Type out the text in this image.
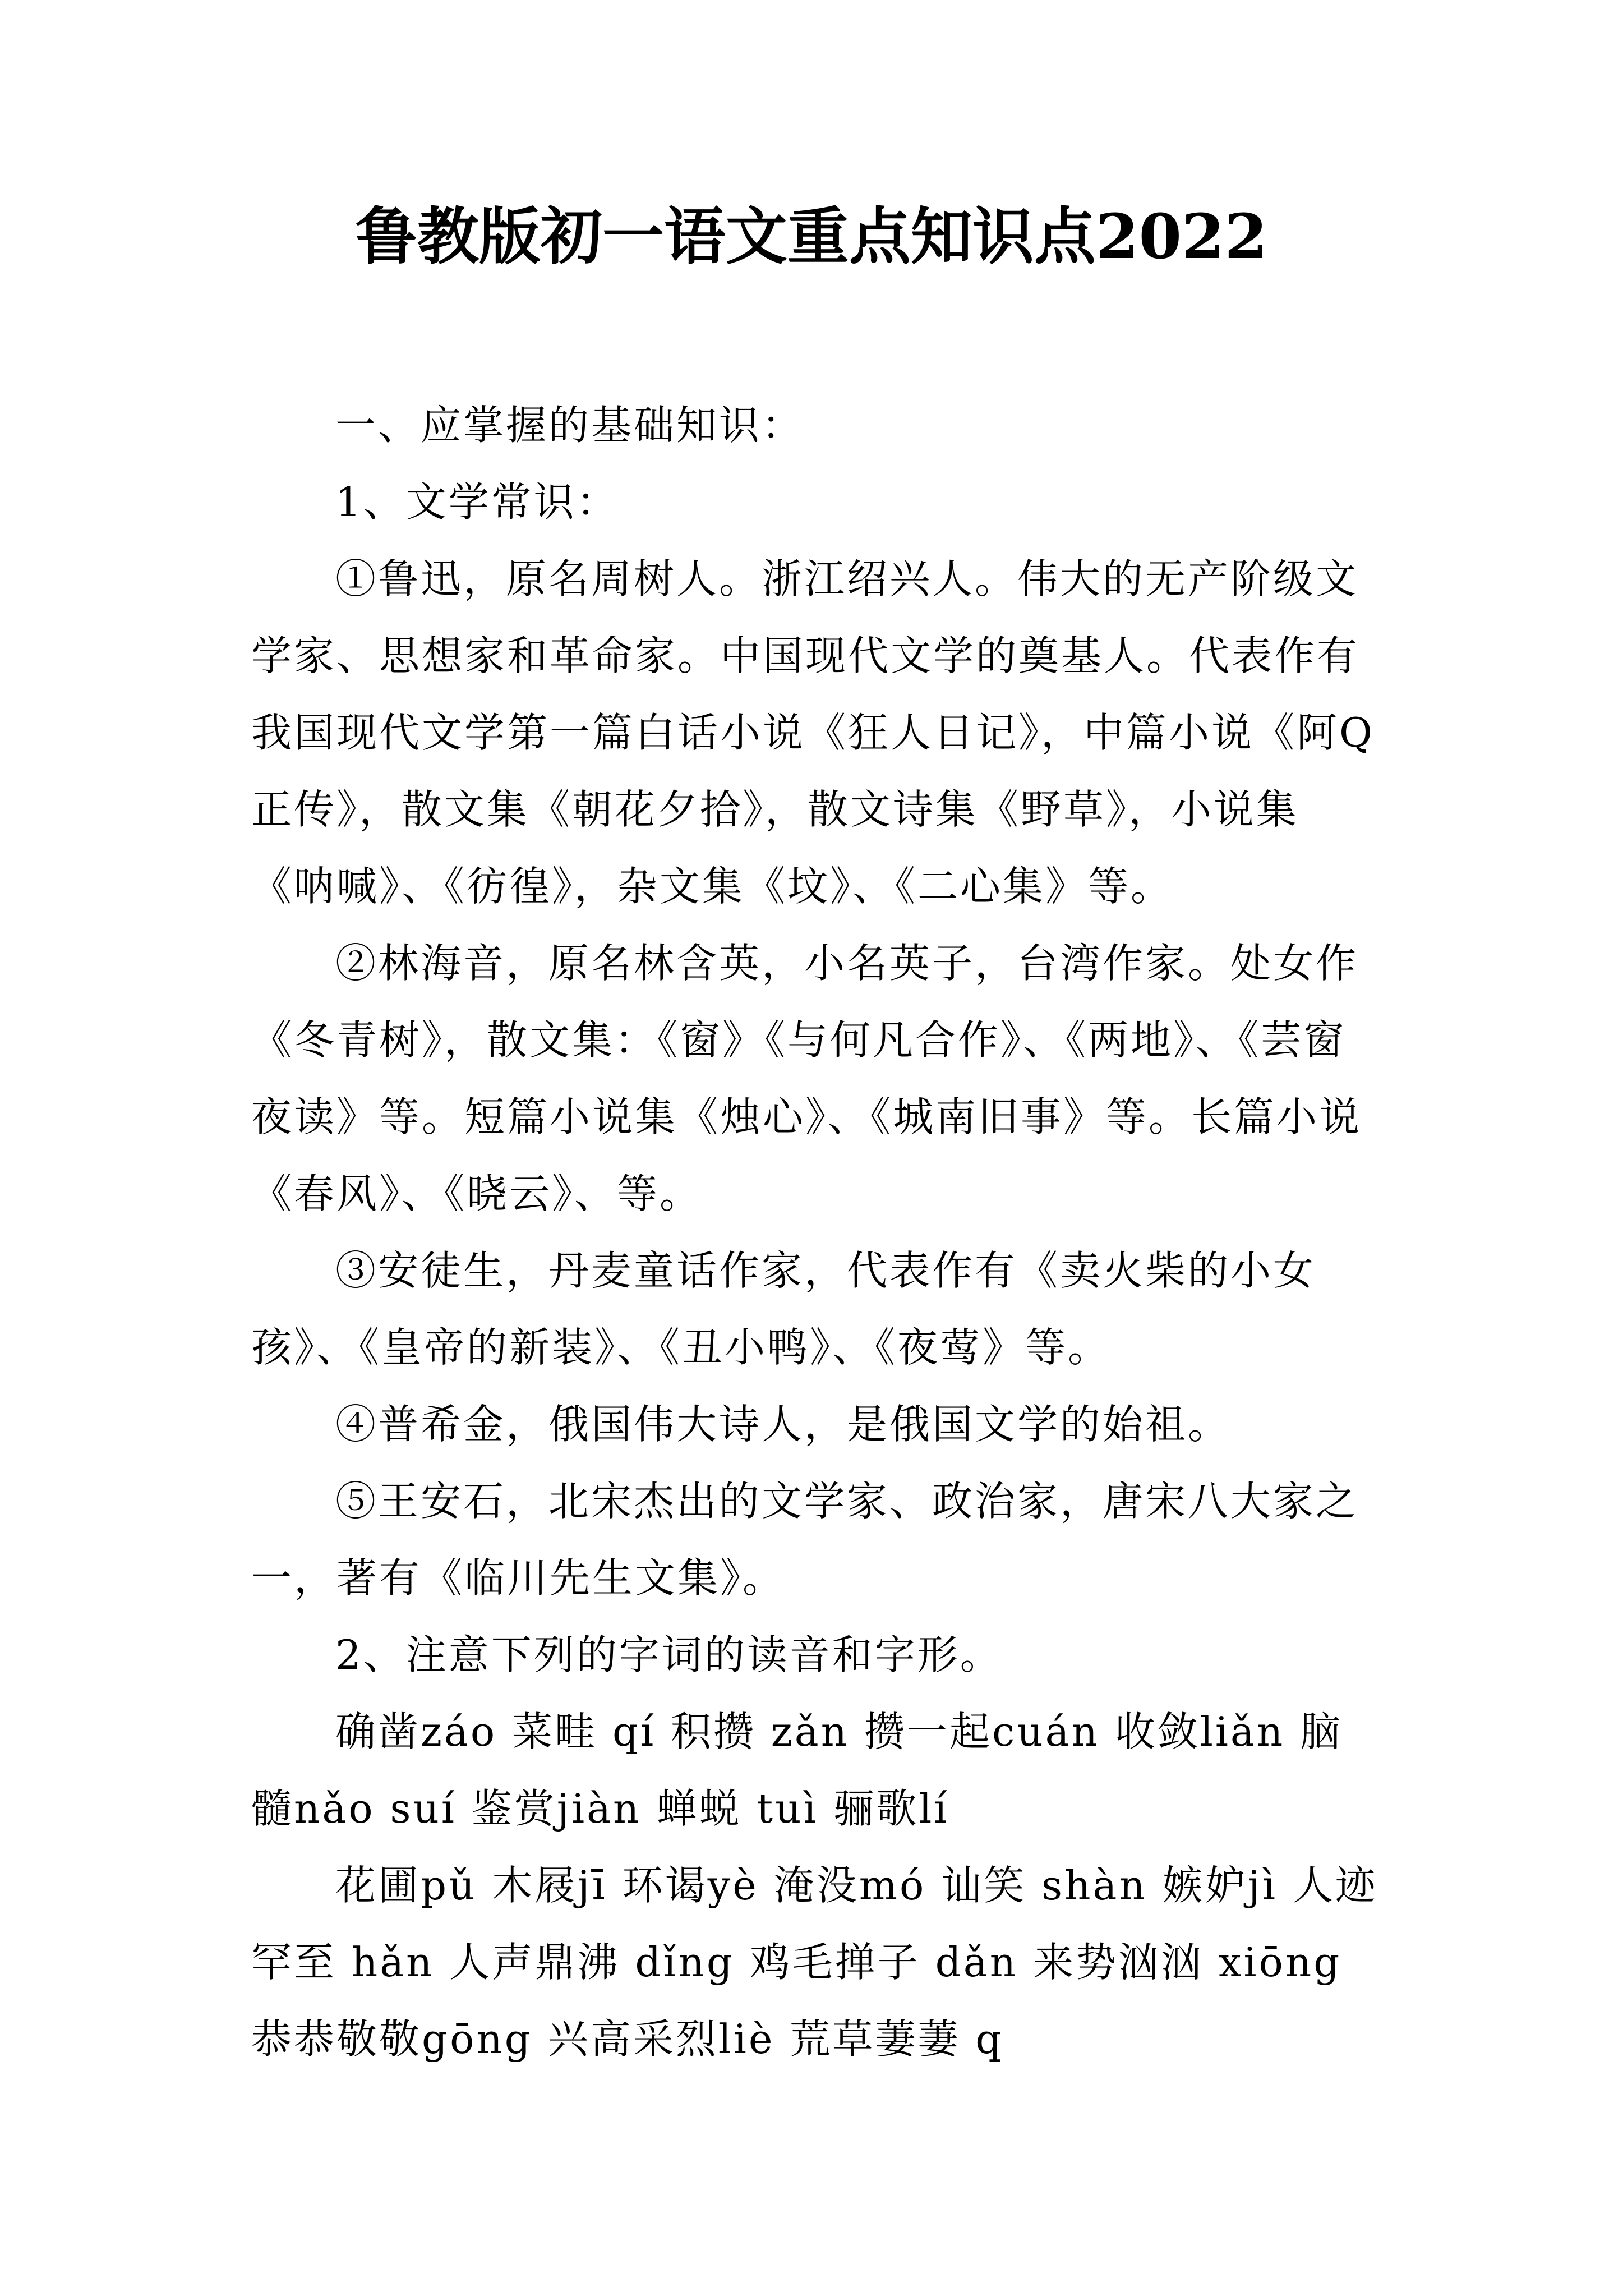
鲁教版初一语文重点知识点2022

一、应掌握的基础知识：

1、文学常识：

①鲁迅，原名周树人。浙江绍兴人。伟大的无产阶级文学家、思想家和革命家。中国现代文学的奠基人。代表作有我国现代文学第一篇白话小说《狂人日记》，中篇小说《阿Q正传》，散文集《朝花夕拾》，散文诗集《野草》，小说集《呐喊》、《彷徨》，杂文集《坟》、《二心集》等。

②林海音，原名林含英，小名英子，台湾作家。处女作《冬青树》，散文集：《窗》《与何凡合作》、《两地》、《芸窗夜读》等。短篇小说集《烛心》、《城南旧事》等。长篇小说《春风》、《晓云》、等。

③安徒生，丹麦童话作家，代表作有《卖火柴的小女孩》、《皇帝的新装》、《丑小鸭》、《夜莺》等。

④普希金，俄国伟大诗人，是俄国文学的始祖。

⑤王安石，北宋杰出的文学家、政治家，唐宋八大家之一，著有《临川先生文集》。

2、注意下列的字词的读音和字形。

确凿záo 菜畦 qí 积攒 zǎn 攒一起cuán 收敛liǎn 脑髓nǎo suí 鉴赏jiàn 蝉蜕 tuì 骊歌lí

花圃pǔ 木屐jī 环谒yè 淹没mó 讪笑 shàn 嫉妒jì 人迹罕至 hǎn 人声鼎沸 dǐng 鸡毛掸子 dǎn 来势汹汹 xiōng 恭恭敬敬gōng 兴高采烈liè 荒草萋萋 q
